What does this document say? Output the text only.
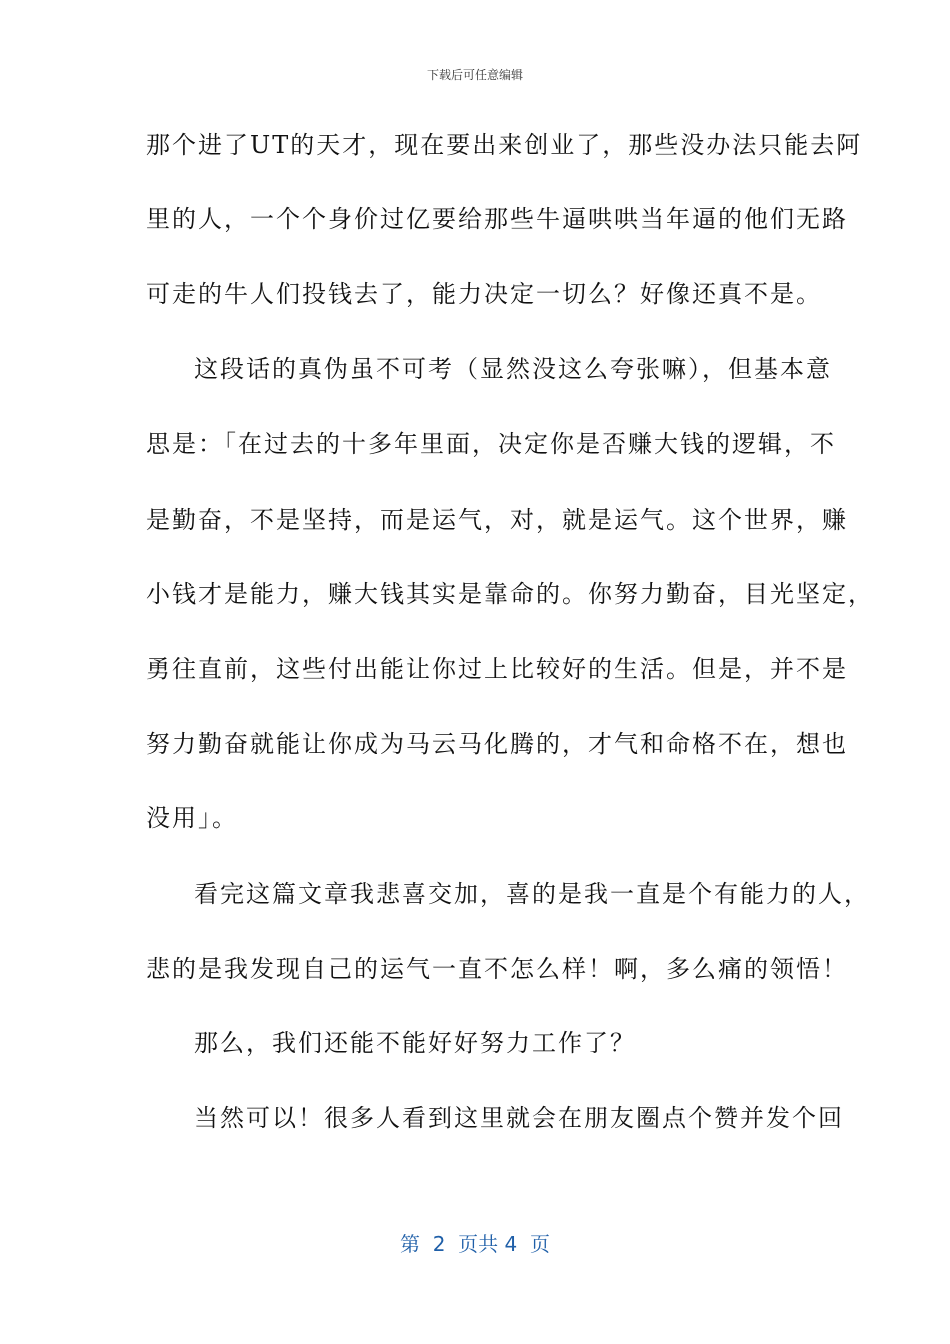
下载后可任意编辑
那个进了UT的天才，现在要出来创业了，那些没办法只能去阿
里的人，一个个身价过亿要给那些牛逼哄哄当年逼的他们无路
可走的牛人们投钱去了，能力决定一切么？好像还真不是。
这段话的真伪虽不可考（显然没这么夸张嘛），但基本意
思是：「在过去的十多年里面，决定你是否赚大钱的逻辑，不
是勤奋，不是坚持，而是运气，对，就是运气。这个世界，赚
小钱才是能力，赚大钱其实是靠命的。你努力勤奋，目光坚定，
勇往直前，这些付出能让你过上比较好的生活。但是，并不是
努力勤奋就能让你成为马云马化腾的，才气和命格不在，想也
没用」。
看完这篇文章我悲喜交加，喜的是我一直是个有能力的人，
悲的是我发现自己的运气一直不怎么样！啊，多么痛的领悟！
那么，我们还能不能好好努力工作了？
当然可以！很多人看到这里就会在朋友圈点个赞并发个回
第  2  页共 4  页
